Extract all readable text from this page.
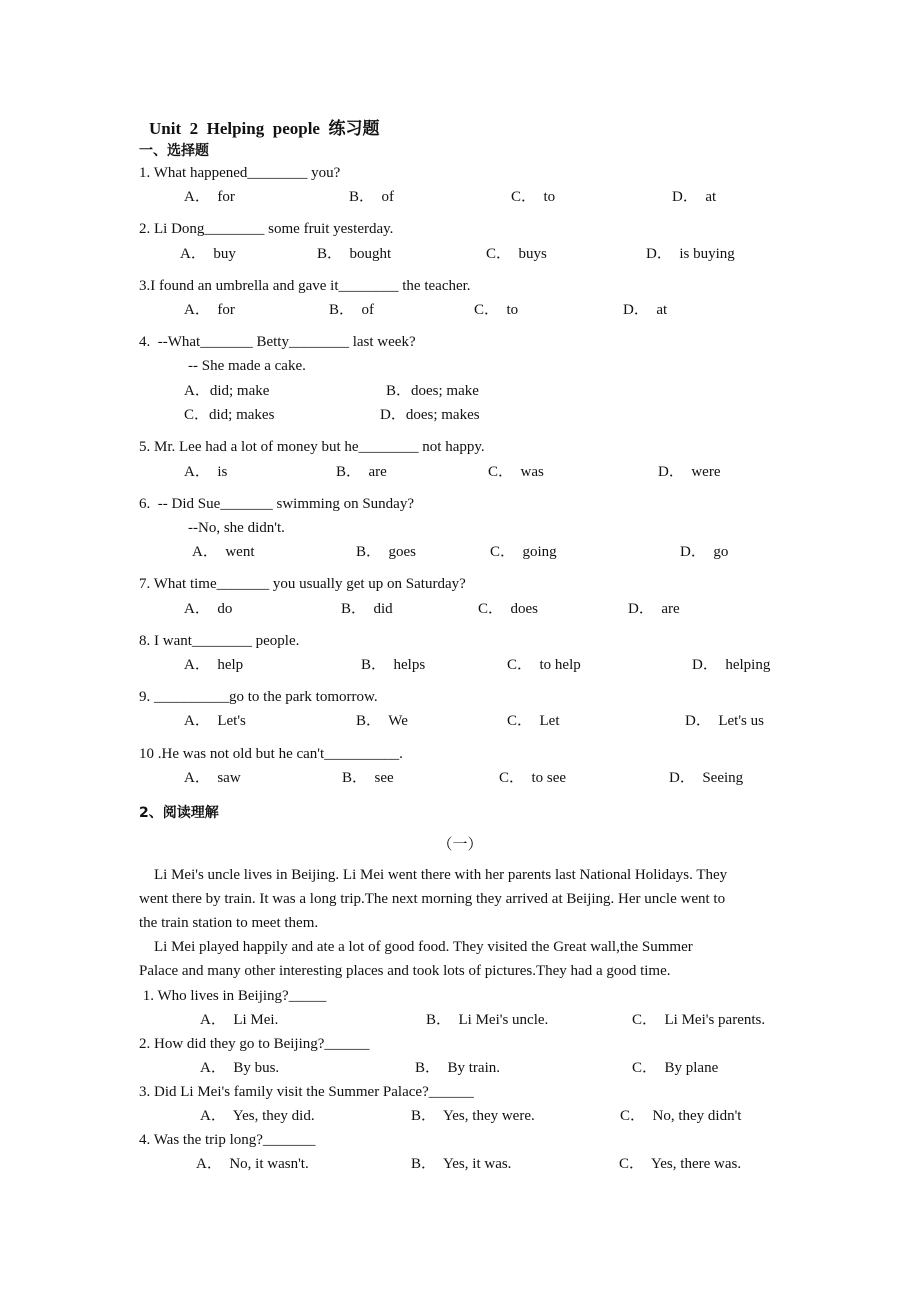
Unit  2  Helping  people  练习题
一、选择题
1. What happened________ you?
A．  for	B．  of	C．  to	D．  at
2. Li Dong________ some fruit yesterday.
A．  buy	B．  bought	C．  buys	D．  is buying
3.I found an umbrella and gave it________ the teacher.
A．  for	B．  of	C．  to	D．  at
4.  --What_______ Betty________ last week?
-- She made a cake.
A．did; make	B．does; make
C．did; makes	D．does; makes
5. Mr. Lee had a lot of money but he________ not happy.
A．  is	B．  are	C．  was	D．  were
6.  -- Did Sue_______ swimming on Sunday?
--No, she didn't.
A．  went	B．  goes	C．  going	D．  go
7. What time_______ you usually get up on Saturday?
A．  do	B．  did	C．  does	D．  are
8. I want________ people.
A．  help	B．  helps	C．  to help	D．  helping
9. __________go to the park tomorrow.
A．  Let's	B．  We	C．  Let	D．  Let's us
10 .He was not old but he can't__________.
A．  saw	B．  see	C．  to see	D．  Seeing
2、阅读理解
（一）
Li Mei's uncle lives in Beijing. Li Mei went there with her parents last National Holidays. They
went there by train. It was a long trip.The next morning they arrived at Beijing. Her uncle went to
the train station to meet them.
Li Mei played happily and ate a lot of good food. They visited the Great wall,the Summer
Palace and many other interesting places and took lots of pictures.They had a good time.
1. Who lives in Beijing?_____
A．  Li Mei.	B．  Li Mei's uncle.	C．  Li Mei's parents.
2. How did they go to Beijing?______
A．  By bus.	B．  By train.	C．  By plane
3. Did Li Mei's family visit the Summer Palace?______
A．  Yes, they did.	B．  Yes, they were.	C．  No, they didn't
4. Was the trip long?_______
A．  No, it wasn't.	B．  Yes, it was.	C．  Yes, there was.
